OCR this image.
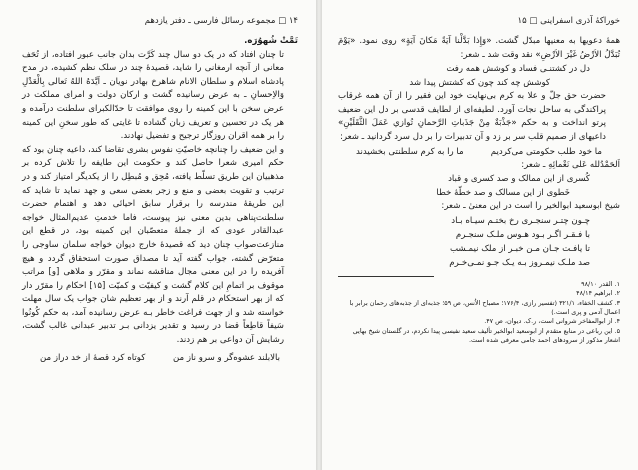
۱۴ □ مجموعه رسائل فارسی ـ دفتر یازدهم

تَمَّتْ شُهوُرَه.

تا چنان افتاد که در یک دو سال چند کَرَّت بدان جانب عبور افتاده، از تُحَف معانی از آنچه ارمغانی را شاید، قصیدهٔ چند در سلک نظم کشیده، در مدح پادشاه اسلام و سلطان الانام شاهرخ بهادر نویان ـ اَیَّدَهُ اللهُ تَعالی بِالْعَدْلِ وَالاِحسانِ ـ به عرض رسانیده گشت و ارکان دولت و امرای مملکت در عرض سخن با این کمینه را روی موافقت تا حدّالکبرای سلطنت درآمده و هر یک در تحسین و تعریف زبان گشاده تا غایتی که طور سخنِ این کمینه را بر همه اقران روزگار ترجیح و تفضیل نهادند.

و این ضعیف را چنانچه خاصیّتِ نفوس بشری تقاضا کند، داعیه چنان بود که حکم امیری شعرا حاصل کند و حکومت این طایفه را تلاش کرده بر مذهبیان این طریق تسلّط یافته، مُحِق و مُبطِل را از یکدیگر امتیاز کند و در ترتیب و تقویت بعضی و منع و زجر بعضی سعی و جهد نماید تا شاید که این طریقهٔ مندرسه را برقرار سابق احیائی دهد و اهتمام حضرت سلطنت‌پناهی بدین معنی نیز پیوست، فاما خدمتِ عدیم‌المثال خواجه عبدالقادر عودی که از جملهٔ متعصّبان این کمینه بود، در قطع این منازعت‌صواب چنان دید که قصیدهٔ خارج دیوان خواجه سلمان ساوجی را متعرّض گشته، جواب گفته آید تا مصداق صورت استحقاق گردد و هیچ آفریده را در این معنی مجال مناقشه نماند و مقرّر و ملاهی [و] مراتب موقوف بر اتمامِ این کلام گشت و کیفیّت و کمیّت [۱۵] احکام را مقرّر دار که از بهر استحکام در قلم آرند و از بهر تعظیم شان جواب یک سال مهلت خواسته شد و از جهت فراغت خاطر بـه عرض رسانیده آمد، به حکم کُونُوا سَیفاً قاطِعاً قضا در رسید و تقدیر یزدانی بـر تدبیر عبدانی غالب گشت، رشایش آن دواعی بر هم زدند.

بالابلند عشوه‌گر و سرو ناز من
کوتاه کرد قصهٔ از خد دراز من
خوراکهٔ آذری اسفراینی □ ۱۵

همهٔ دعویها به معنیها مبدّل گشت. «وَإِذا بَدَّلْنا آيَةً مَكانَ آيَةٍ» روی نمود. «يَوْمَ تُبَدَّلُ الاَرْضُ غَيْرَ الاَرْضِ» نقد وقت شد ـ شعر:

دل در کشتنـی فساد و کوشش همه رفت

کوشش چه کند چون که کشتش پیدا شد

حضرت حق جلّ و علا به کرم بی‌نهایت خود این فقیر را از آن همه غرقاب پراکندگی به ساحل نجات آورد. لطیفه‌ای از لطایف قدسی بر دل این ضعیف پرتو انداخت و به حکم «جَذْبَةٌ مِنْ جَذَباتِ الرَّحمانِ تُوازي عَمَلَ الثَّقَلَيْنِ» داعیهای از صمیم قلب سر بر زد و آن تدبیرات را بر دل سرد گردانید ـ شعر:
ما خود طلب حکومتی می‌کردیم
ما را به کرم سلطنتی بخشیدند
اَلحَمْدُلله عَلی نَعْمائِهِ ـ شعر:

کُسری از این ممالک و صد کسری و قباد

خَطوی از این مسالک و صد خطّهٔ خطا

شیخ ابوسعید ابوالخیر را است در این معنیٰ ـ شعر:

چـون چتـر سنجـری رخ بختـم سیـاه بـاد

با فـقـر اگـر بـود هـوس ملـک سنجـرم

تا یافـت جـان مـن خبـر از ملک نیمـشب

صد ملـک نیمـروز بـه یـک جـو نمـی‌خـرم

۱. القدر ۹۸/۱۰

۲. ابراهیم ۴۸/۱۴

۳. کشف الخفاء، ۳۲۱/۱ (تفسیر رازی، ۱۷۶/۴؛ مصباح الاُنس، ص ۵۹؛ جذبه‌ای از جذبه‌های رحمان برابر با اعمال آدمی و پری است.)

۴. از ابوالمفاخر شروانی است، ر.ک. دیوان، ص ۴۷.

۵. این رباعی در منابع متقدم از ابوسعید ابوالخیر تألیف سعید نفیسی پیدا نکردم، در گلستان شیخ بهایی اشعار مذکور از سرودهای احمد جامی معرفی شده است.
